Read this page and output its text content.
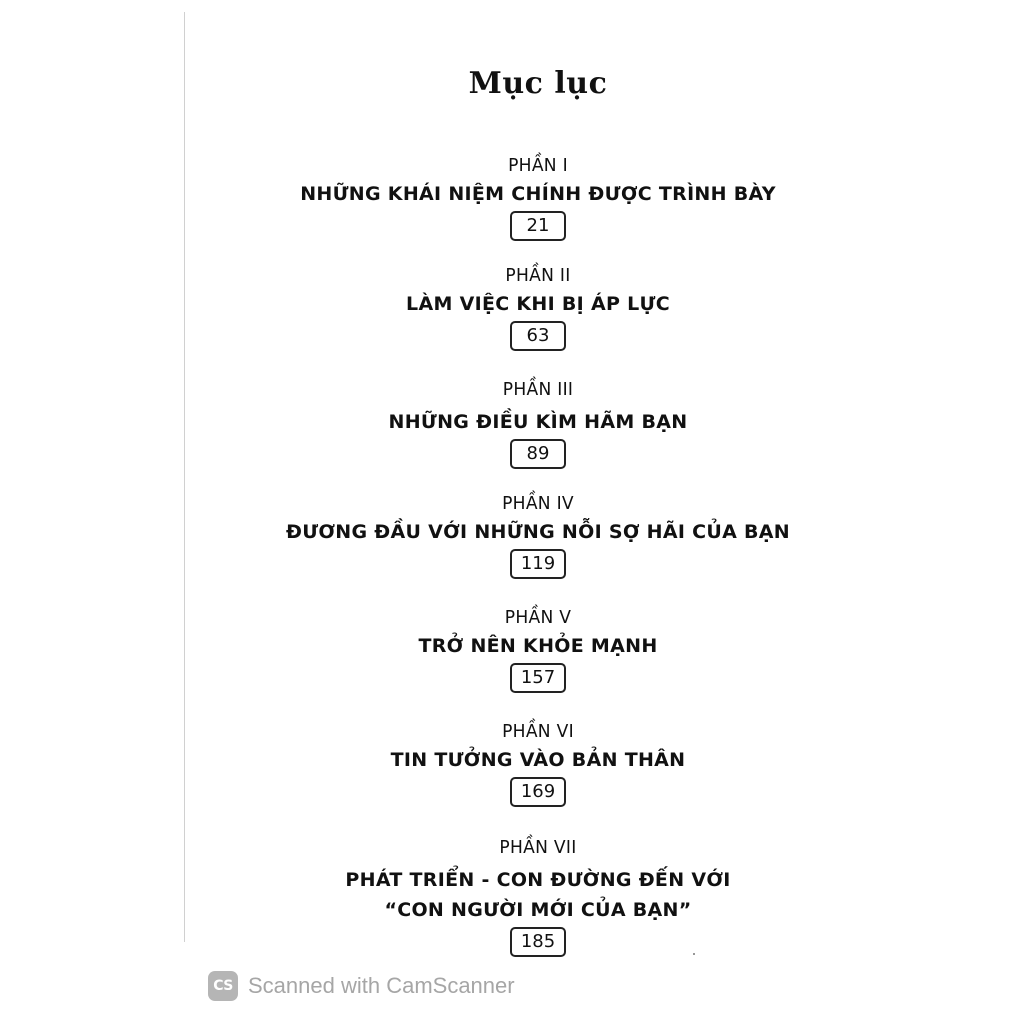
Mục lục
PHẦN I
NHỮNG KHÁI NIỆM CHÍNH ĐƯỢC TRÌNH BÀY
21
PHẦN II
LÀM VIỆC KHI BỊ ÁP LỰC
63
PHẦN III
NHỮNG ĐIỀU KÌM HÃM BẠN
89
PHẦN IV
ĐƯƠNG ĐẦU VỚI NHỮNG NỖI SỢ HÃI CỦA BẠN
119
PHẦN V
TRỞ NÊN KHỎE MẠNH
157
PHẦN VI
TIN TƯỞNG VÀO BẢN THÂN
169
PHẦN VII
PHÁT TRIỂN - CON ĐƯỜNG ĐẾN VỚI
“CON NGƯỜI MỚI CỦA BẠN”
185
CS Scanned with CamScanner
